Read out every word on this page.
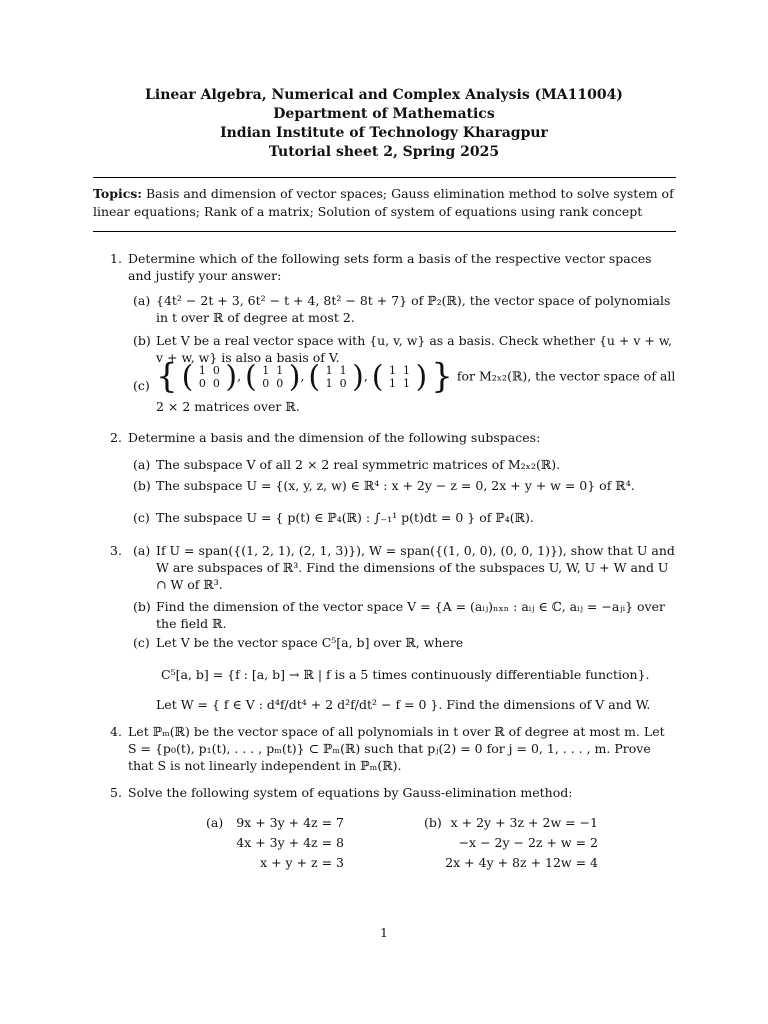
Linear Algebra, Numerical and Complex Analysis (MA11004)
Department of Mathematics
Indian Institute of Technology Kharagpur
Tutorial sheet 2, Spring 2025
Topics: Basis and dimension of vector spaces; Gauss elimination method to solve system of linear equations; Rank of a matrix; Solution of system of equations using rank concept
1. Determine which of the following sets form a basis of the respective vector spaces and justify your answer:
(a) {4t² − 2t + 3, 6t² − t + 4, 8t² − 8t + 7} of ℙ₂(ℝ), the vector space of polynomials in t over ℝ of degree at most 2.
(b) Let V be a real vector space with {u, v, w} as a basis. Check whether {u + v + w, v + w, w} is also a basis of V.
(c) { ( 1 0
0 0 ), ( 1 1
0 0 ), ( 1 1
1 0 ), ( 1 1
1 1 ) } for M₂ₓ₂(ℝ), the vector space of all
2 × 2 matrices over ℝ.
2. Determine a basis and the dimension of the following subspaces:
(a) The subspace V of all 2 × 2 real symmetric matrices of M₂ₓ₂(ℝ).
(b) The subspace U = {(x, y, z, w) ∈ ℝ⁴ : x + 2y − z = 0, 2x + y + w = 0} of ℝ⁴.
(c) The subspace U = { p(t) ∈ ℙ₄(ℝ) : ∫₋₁¹ p(t)dt = 0 } of ℙ₄(ℝ).
3. (a) If U = span({(1, 2, 1), (2, 1, 3)}), W = span({(1, 0, 0), (0, 0, 1)}), show that U and W are subspaces of ℝ³. Find the dimensions of the subspaces U, W, U + W and U ∩ W of ℝ³.
(b) Find the dimension of the vector space V = {A = (aᵢⱼ)ₙₓₙ : aᵢⱼ ∈ ℂ, aᵢⱼ = −aⱼᵢ} over the field ℝ.
(c) Let V be the vector space C⁵[a, b] over ℝ, where
C⁵[a, b] = {f : [a, b] → ℝ | f is a 5 times continuously differentiable function}.
Let W = { f ∈ V : d⁴f/dt⁴ + 2 d²f/dt² − f = 0 }. Find the dimensions of V and W.
4. Let ℙₘ(ℝ) be the vector space of all polynomials in t over ℝ of degree at most m. Let S = {p₀(t), p₁(t), . . . , pₘ(t)} ⊂ ℙₘ(ℝ) such that pⱼ(2) = 0 for j = 0, 1, . . . , m. Prove that S is not linearly independent in ℙₘ(ℝ).
5. Solve the following system of equations by Gauss-elimination method:
(a)	9x + 3y + 4z = 7
4x + 3y + 4z = 8
x + y + z = 3
(b) x + 2y + 3z + 2w = −1
−x − 2y − 2z + w = 2
2x + 4y + 8z + 12w = 4
1
